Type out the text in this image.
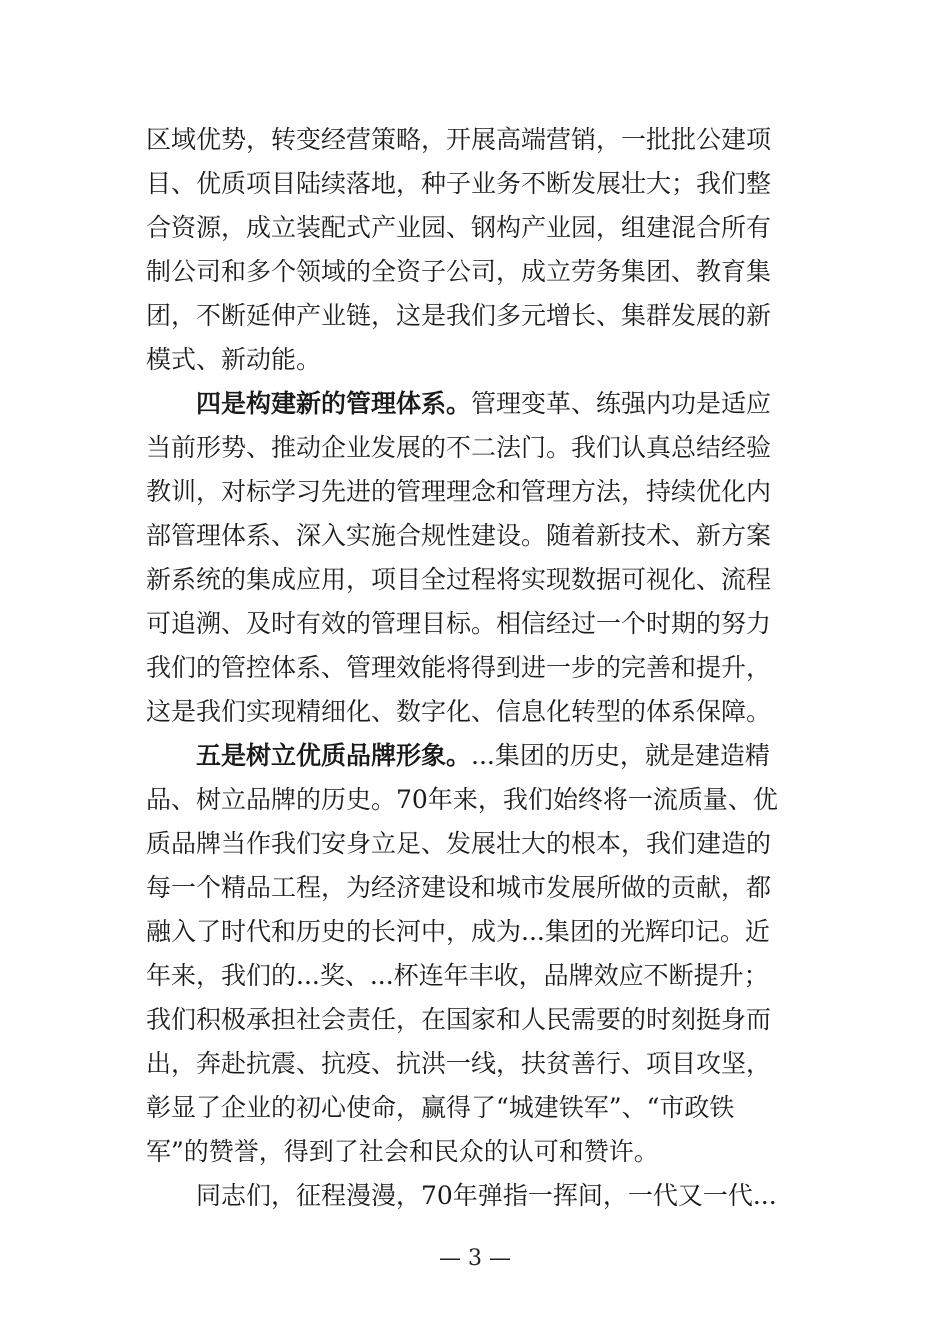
区域优势，转变经营策略，开展高端营销，一批批公建项
目、优质项目陆续落地，种子业务不断发展壮大；我们整
合资源，成立装配式产业园、钢构产业园，组建混合所有
制公司和多个领域的全资子公司，成立劳务集团、教育集
团，不断延伸产业链，这是我们多元增长、集群发展的新
模式、新动能。
四是构建新的管理体系。管理变革、练强内功是适应
当前形势、推动企业发展的不二法门。我们认真总结经验
教训，对标学习先进的管理理念和管理方法，持续优化内
部管理体系、深入实施合规性建设。随着新技术、新方案
新系统的集成应用，项目全过程将实现数据可视化、流程
可追溯、及时有效的管理目标。相信经过一个时期的努力
我们的管控体系、管理效能将得到进一步的完善和提升，
这是我们实现精细化、数字化、信息化转型的体系保障。
五是树立优质品牌形象。...集团的历史，就是建造精
品、树立品牌的历史。70年来，我们始终将一流质量、优
质品牌当作我们安身立足、发展壮大的根本，我们建造的
每一个精品工程，为经济建设和城市发展所做的贡献，都
融入了时代和历史的长河中，成为...集团的光辉印记。近
年来，我们的...奖、...杯连年丰收，品牌效应不断提升；
我们积极承担社会责任，在国家和人民需要的时刻挺身而
出，奔赴抗震、抗疫、抗洪一线，扶贫善行、项目攻坚，
彰显了企业的初心使命，赢得了“城建铁军”、“市政铁
军”的赞誉，得到了社会和民众的认可和赞许。
同志们，征程漫漫，70年弹指一挥间，一代又一代...
— 3 —
